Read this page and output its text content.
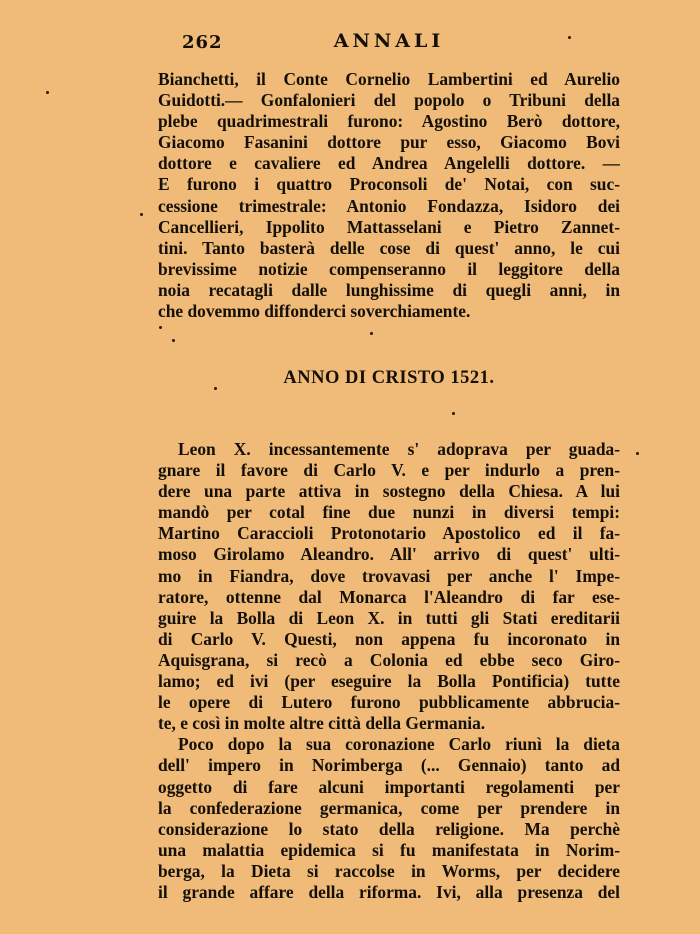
262	ANNALI
Bianchetti, il Conte Cornelio Lambertini ed Aurelio
Guidotti.— Gonfalonieri del popolo o Tribuni della
plebe quadrimestrali furono: Agostino Berò dottore,
Giacomo Fasanini dottore pur esso, Giacomo Bovi
dottore e cavaliere ed Andrea Angelelli dottore. —
E furono i quattro Proconsoli de' Notai, con suc-
cessione trimestrale: Antonio Fondazza, Isidoro dei
Cancellieri, Ippolito Mattasselani e Pietro Zannet-
tini. Tanto basterà delle cose di quest' anno, le cui
brevissime notizie compenseranno il leggitore della
noia recatagli dalle lunghissime di quegli anni, in
che dovemmo diffonderci soverchiamente.
ANNO DI CRISTO 1521.
Leon X. incessantemente s' adoprava per guada-
gnare il favore di Carlo V. e per indurlo a pren-
dere una parte attiva in sostegno della Chiesa. A lui
mandò per cotal fine due nunzi in diversi tempi:
Martino Caraccioli Protonotario Apostolico ed il fa-
moso Girolamo Aleandro. All' arrivo di quest' ulti-
mo in Fiandra, dove trovavasi per anche l' Impe-
ratore, ottenne dal Monarca l'Aleandro di far ese-
guire la Bolla di Leon X. in tutti gli Stati ereditarii
di Carlo V. Questi, non appena fu incoronato in
Aquisgrana, si recò a Colonia ed ebbe seco Giro-
lamo; ed ivi (per eseguire la Bolla Pontificia) tutte
le opere di Lutero furono pubblicamente abbrucia-
te, e così in molte altre città della Germania.
Poco dopo la sua coronazione Carlo riunì la dieta
dell' impero in Norimberga (... Gennaio) tanto ad
oggetto di fare alcuni importanti regolamenti per
la confederazione germanica, come per prendere in
considerazione lo stato della religione. Ma perchè
una malattia epidemica si fu manifestata in Norim-
berga, la Dieta si raccolse in Worms, per decidere
il grande affare della riforma. Ivi, alla presenza del
